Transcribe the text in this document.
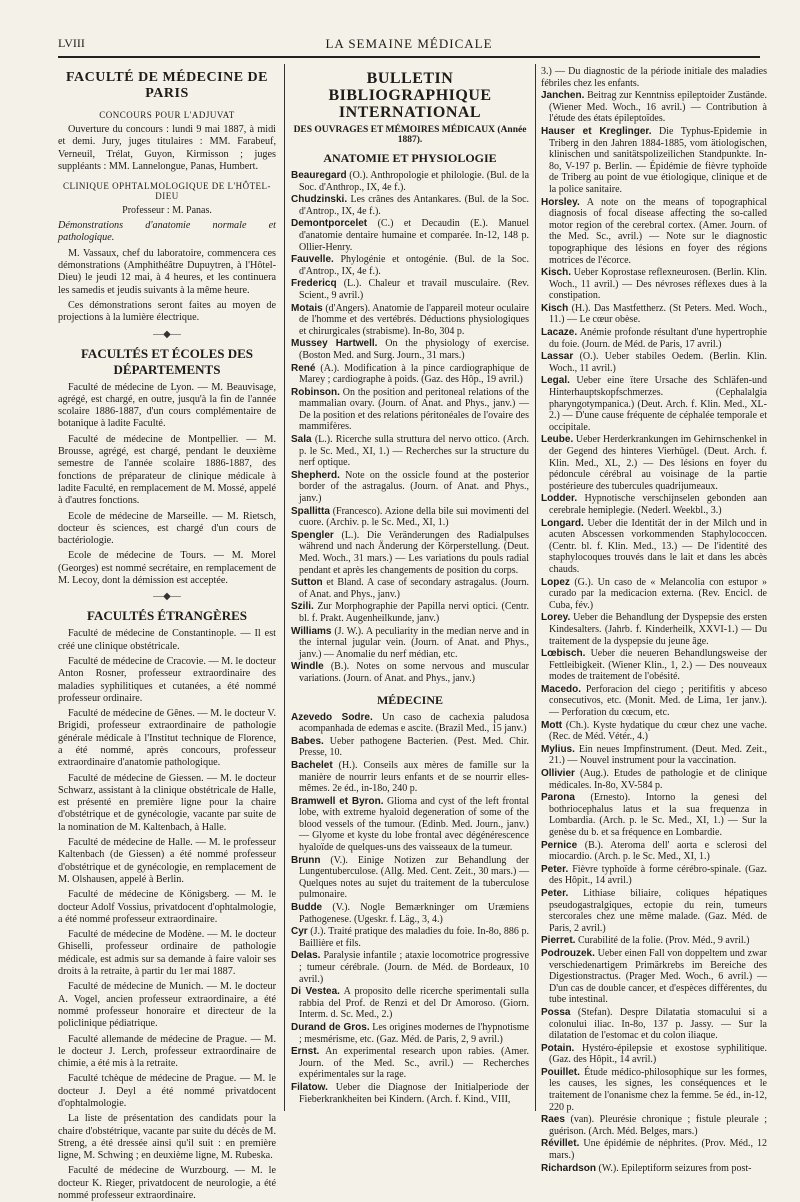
LVIII	LA SEMAINE MÉDICALE
FACULTÉ DE MÉDECINE DE PARIS
CONCOURS POUR L'ADJUVAT

Ouverture du concours : lundi 9 mai 1887, à midi et demi. Jury, juges titulaires : MM. Farabeuf, Verneuil, Trélat, Guyon, Kirmisson ; juges suppléants : MM. Lannelongue, Panas, Humbert.

CLINIQUE OPHTALMOLOGIQUE DE L'HÔTEL-DIEU
Professeur : M. Panas.

Démonstrations d'anatomie normale et pathologique.

M. Vassaux, chef du laboratoire, commencera ces démonstrations (Amphithéâtre Dupuytren, à l'Hôtel-Dieu) le jeudi 12 mai, à 4 heures, et les continuera les samedis et jeudis suivants à la même heure.

Ces démonstrations seront faites au moyen de projections à la lumière électrique.

—◆—
FACULTÉS ET ÉCOLES DES DÉPARTEMENTS

Faculté de médecine de Lyon. — M. Beauvisage, agrégé, est chargé, en outre, jusqu'à la fin de l'année scolaire 1886-1887, d'un cours complémentaire de botanique à ladite Faculté.

Faculté de médecine de Montpellier. — M. Brousse, agrégé, est chargé, pendant le deuxième semestre de l'année scolaire 1886-1887, des fonctions de préparateur de clinique médicale à ladite Faculté, en remplacement de M. Mossé, appelé à d'autres fonctions.

Ecole de médecine de Marseille. — M. Rietsch, docteur ès sciences, est chargé d'un cours de bactériologie.

Ecole de médecine de Tours. — M. Morel (Georges) est nommé secrétaire, en remplacement de M. Lecoy, dont la démission est acceptée.

—◆—
FACULTÉS ÉTRANGÈRES

Faculté de médecine de Constantinople. — Il est créé une clinique obstétricale.

Faculté de médecine de Cracovie. — M. le docteur Anton Rosner, professeur extraordinaire des maladies syphilitiques et cutanées, a été nommé professeur ordinaire.

Faculté de médecine de Gênes. — M. le docteur V. Brigidi, professeur extraordinaire de pathologie générale médicale à l'Institut technique de Florence, a été nommé, après concours, professeur extraordinaire d'anatomie pathologique.

Faculté de médecine de Giessen. — M. le docteur Schwarz, assistant à la clinique obstétricale de Halle, est présenté en première ligne pour la chaire d'obstétrique et de gynécologie, vacante par suite de la nomination de M. Kaltenbach, à Halle.

Faculté de médecine de Halle. — M. le professeur Kaltenbach (de Giessen) a été nommé professeur d'obstétrique et de gynécologie, en remplacement de M. Olshausen, appelé à Berlin.

Faculté de médecine de Königsberg. — M. le docteur Adolf Vossius, privatdocent d'ophtalmologie, a été nommé professeur extraordinaire.

Faculté de médecine de Modène. — M. le docteur Ghiselli, professeur ordinaire de pathologie médicale, est admis sur sa demande à faire valoir ses droits à la retraite, à partir du 1er mai 1887.

Faculté de médecine de Munich. — M. le docteur A. Vogel, ancien professeur extraordinaire, a été nommé professeur honoraire et directeur de la policlinique pédiatrique.

Faculté allemande de médecine de Prague. — M. le docteur J. Lerch, professeur extraordinaire de chimie, a été mis à la retraite.

Faculté tchèque de médecine de Prague. — M. le docteur J. Deyl a été nommé privatdocent d'ophtalmologie.

La liste de présentation des candidats pour la chaire d'obstétrique, vacante par suite du décès de M. Streng, a été dressée ainsi qu'il suit : en première ligne, M. Schwing ; en deuxième ligne, M. Rubeska.

Faculté de médecine de Wurzbourg. — M. le docteur K. Rieger, privatdocent de neurologie, a été nommé professeur extraordinaire.

BULLETIN BIBLIOGRAPHIQUE INTERNATIONAL
DES OUVRAGES ET MÉMOIRES MÉDICAUX (Année 1887).
ANATOMIE ET PHYSIOLOGIE
Beauregard (O.). Anthropologie et philologie. (Bul. de la Soc. d'Anthrop., IX, 4e f.).
Chudzinski. Les crânes des Antankares. (Bul. de la Soc. d'Antrop., IX, 4e f.).
Demontporcelet (C.) et Decaudin (E.). Manuel d'anatomie dentaire humaine et comparée. In-12, 148 p. Ollier-Henry.
Fauvelle. Phylogénie et ontogénie. (Bul. de la Soc. d'Antrop., IX, 4e f.).
Fredericq (L.). Chaleur et travail musculaire. (Rev. Scient., 9 avril.)
Motais (d'Angers). Anatomie de l'appareil moteur oculaire de l'homme et des vertébrés. Déductions physiologiques et chirurgicales (strabisme). In-8o, 304 p.
Mussey Hartwell. On the physiology of exercise. (Boston Med. and Surg. Journ., 31 mars.)
René (A.). Modification à la pince cardiographique de Marey ; cardiographe à poids. (Gaz. des Hôp., 19 avril.)
Robinson. On the position and peritoneal relations of the mammalian ovary. (Journ. of Anat. and Phys., janv.) — De la position et des relations péritonéales de l'ovaire des mammifères.
Sala (L.). Ricerche sulla struttura del nervo ottico. (Arch. p. le Sc. Med., XI, 1.) — Recherches sur la structure du nerf optique.
Shepherd. Note on the ossicle found at the posterior border of the astragalus. (Journ. of Anat. and Phys., janv.)
Spallitta (Francesco). Azione della bile sui movimenti del cuore. (Archiv. p. le Sc. Med., XI, 1.)
Spengler (L.). Die Veränderungen des Radialpulses während und nach Änderung der Körperstellung. (Deut. Med. Woch., 31 mars.) — Les variations du pouls radial pendant et après les changements de position du corps.
Sutton et Bland. A case of secondary astragalus. (Journ. of Anat. and Phys., janv.)
Szili. Zur Morphographie der Papilla nervi optici. (Centr. bl. f. Prakt. Augenheilkunde, janv.)
Williams (J. W.). A peculiarity in the median nerve and in the internal jugular vein. (Journ. of Anat. and Phys., janv.) — Anomalie du nerf médian, etc.
Windle (B.). Notes on some nervous and muscular variations. (Journ. of Anat. and Phys., janv.)
MÉDECINE
Azevedo Sodre. Un caso de cachexia paludosa acompanhada de edemas e ascite. (Brazil Med., 15 janv.)
Babes. Ueber pathogene Bacterien. (Pest. Med. Chir. Presse, 10.
Bachelet (H.). Conseils aux mères de famille sur la manière de nourrir leurs enfants et de se nourrir elles-mêmes. 2e éd., in-18o, 240 p.
Bramwell et Byron. Glioma and cyst of the left frontal lobe, with extreme hyaloid degeneration of some of the blood vessels of the tumour. (Edinb. Med. Journ., janv.) — Glyome et kyste du lobe frontal avec dégénérescence hyaloïde de quelques-uns des vaisseaux de la tumeur.
Brunn (V.). Einige Notizen zur Behandlung der Lungentuberculose. (Allg. Med. Cent. Zeit., 30 mars.) — Quelques notes au sujet du traitement de la tuberculose pulmonaire.
Budde (V.). Nogle Bemærkninger om Uræmiens Pathogenese. (Ugeskr. f. Läg., 3, 4.)
Cyr (J.). Traité pratique des maladies du foie. In-8o, 886 p. Baillière et fils.
Delas. Paralysie infantile ; ataxie locomotrice progressive ; tumeur cérébrale. (Journ. de Méd. de Bordeaux, 10 avril.)
Di Vestea. A proposito delle ricerche sperimentali sulla rabbia del Prof. de Renzi et del Dr Amoroso. (Giorn. Interm. d. Sc. Med., 2.)
Durand de Gros. Les origines modernes de l'hypnotisme ; mesmérisme, etc. (Gaz. Méd. de Paris, 2, 9 avril.)
Ernst. An experimental research upon rabies. (Amer. Journ. of the Med. Sc., avril.) — Recherches expérimentales sur la rage.
Filatow. Ueber die Diagnose der Initialperiode der Fieberkrankheiten bei Kindern. (Arch. f. Kind., VIII,
3.) — Du diagnostic de la période initiale des maladies fébriles chez les enfants.
Janchen. Beitrag zur Kenntniss epileptoider Zustände. (Wiener Med. Woch., 16 avril.) — Contribution à l'étude des états épileptoïdes.
Hauser et Kreglinger. Die Typhus-Epidemie in Triberg in den Jahren 1884-1885, vom ätiologischen, klinischen und sanitätspolizeilichen Standpunkte. In-8o, V-197 p. Berlin. — Épidémie de fièvre typhoïde de Triberg au point de vue étiologique, clinique et de la police sanitaire.
Horsley. A note on the means of topographical diagnosis of focal disease affecting the so-called motor region of the cerebral cortex. (Amer. Journ. of the Med. Sc., avril.) — Note sur le diagnostic topographique des lésions en foyer des régions motrices de l'écorce.
Kisch. Ueber Koprostase reflexneurosen. (Berlin. Klin. Woch., 11 avril.) — Des névroses réflexes dues à la constipation.
Kisch (H.). Das Mastfettherz. (St Peters. Med. Woch., 11.) — Le cœur obèse.
Lacaze. Anémie profonde résultant d'une hypertrophie du foie. (Journ. de Méd. de Paris, 17 avril.)
Lassar (O.). Ueber stabiles Oedem. (Berlin. Klin. Woch., 11 avril.)
Legal. Ueber eine ïtere Ursache des Schläfen-und Hinterhauptskopfschmerzes. (Cephalalgia pharyngotympanica.) (Deut. Arch. f. Klin. Med., XL-2.) — D'une cause fréquente de céphalée temporale et occipitale.
Leube. Ueber Herderkrankungen im Gehirnschenkel in der Gegend des hinteres Vierhügel. (Deut. Arch. f. Klin. Med., XL, 2.) — Des lésions en foyer du pédoncule cérébral au voisinage de la partie postérieure des tubercules quadrijumeaux.
Lodder. Hypnotische verschijnselen gebonden aan cerebrale hemiplegie. (Nederl. Weekbl., 3.)
Longard. Ueber die Identität der in der Milch und in acuten Abscessen vorkommenden Staphylococcen. (Centr. bl. f. Klin. Med., 13.) — De l'identité des staphylocoques trouvés dans le lait et dans les abcès chauds.
Lopez (G.). Un caso de « Melancolia con estupor » curado par la medicacion externa. (Rev. Encicl. de Cuba, fév.)
Lorey. Ueber die Behandlung der Dyspepsie des ersten Kindesalters. (Jahrb. f. Kinderheilk, XXVI-1.) — Du traitement de la dyspepsie du jeune âge.
Lœbisch. Ueber die neueren Behandlungsweise der Fettleibigkeit. (Wiener Klin., 1, 2.) — Des nouveaux modes de traitement de l'obésité.
Macedo. Perforacion del ciego ; peritifitis y abceso consecutivos, etc. (Monit. Med. de Lima, 1er janv.). — Perforation du cœcum, etc.
Mott (Ch.). Kyste hydatique du cœur chez une vache. (Rec. de Méd. Vétér., 4.)
Mylius. Ein neues Impfinstrument. (Deut. Med. Zeit., 21.) — Nouvel instrument pour la vaccination.
Ollivier (Aug.). Etudes de pathologie et de clinique médicales. In-8o, XV-584 p.
Parona (Ernesto). Intorno la genesi del bothriocephalus latus et la sua frequenza in Lombardia. (Arch. p. le Sc. Med., XI, 1.) — Sur la genèse du b. et sa fréquence en Lombardie.
Pernice (B.). Ateroma dell' aorta e sclerosi del miocardio. (Arch. p. le Sc. Med., XI, 1.)
Peter. Fièvre typhoïde à forme cérébro-spinale. (Gaz. des Hôpit., 14 avril.)
Peter. Lithiase biliaire, coliques hépatiques pseudogastralgiques, ectopie du rein, tumeurs stercorales chez une même malade. (Gaz. Méd. de Paris, 2 avril.)
Pierret. Curabilité de la folie. (Prov. Méd., 9 avril.)
Podrouzek. Ueber einen Fall von doppeltem und zwar verschiedenartigem Primärkrebs im Bereiche des Digestionstractus. (Prager Med. Woch., 6 avril.) — D'un cas de double cancer, et d'espèces différentes, du tube intestinal.
Possa (Stefan). Despre Dilatatia stomacului si a colonului iliac. In-8o, 137 p. Jassy. — Sur la dilatation de l'estomac et du colon iliaque.
Potain. Hystéro-épilepsie et exostose syphilitique. (Gaz. des Hôpit., 14 avril.)
Pouillet. Étude médico-philosophique sur les formes, les causes, les signes, les conséquences et le traitement de l'onanisme chez la femme. 5e éd., in-12, 220 p.
Raes (van). Pleurésie chronique ; fistule pleurale ; guérison. (Arch. Méd. Belges, mars.)
Révillet. Une épidémie de néphrites. (Prov. Méd., 12 mars.)
Richardson (W.). Epileptiform seizures from post-
